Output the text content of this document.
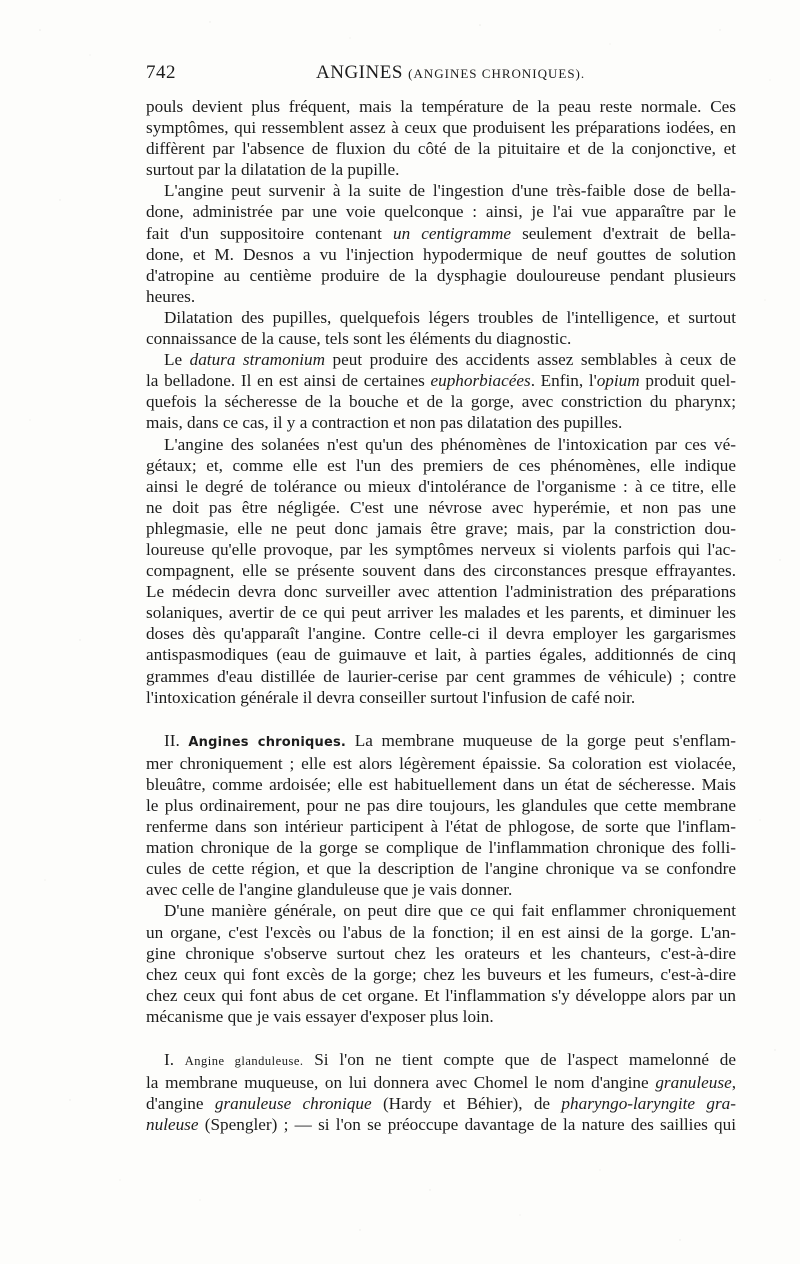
742	ANGINES (ANGINES CHRONIQUES).

pouls devient plus fréquent, mais la température de la peau reste normale. Ces
symptômes, qui ressemblent assez à ceux que produisent les préparations iodées, en
diffèrent par l'absence de fluxion du côté de la pituitaire et de la conjonctive, et

surtout par la dilatation de la pupille.

L'angine peut survenir à la suite de l'ingestion d'une très-faible dose de bella-
done, administrée par une voie quelconque : ainsi, je l'ai vue apparaître par le
fait d'un suppositoire contenant un centigramme seulement d'extrait de bella-
done, et M. Desnos a vu l'injection hypodermique de neuf gouttes de solution
d'atropine au centième produire de la dysphagie douloureuse pendant plusieurs

heures.

Dilatation des pupilles, quelquefois légers troubles de l'intelligence, et surtout

connaissance de la cause, tels sont les éléments du diagnostic.

Le datura stramonium peut produire des accidents assez semblables à ceux de
la belladone. Il en est ainsi de certaines euphorbiacées. Enfin, l'opium produit quel-
quefois la sécheresse de la bouche et de la gorge, avec constriction du pharynx;

mais, dans ce cas, il y a contraction et non pas dilatation des pupilles.

L'angine des solanées n'est qu'un des phénomènes de l'intoxication par ces vé-
gétaux; et, comme elle est l'un des premiers de ces phénomènes, elle indique
ainsi le degré de tolérance ou mieux d'intolérance de l'organisme : à ce titre, elle
ne doit pas être négligée. C'est une névrose avec hyperémie, et non pas une
phlegmasie, elle ne peut donc jamais être grave; mais, par la constriction dou-
loureuse qu'elle provoque, par les symptômes nerveux si violents parfois qui l'ac-
compagnent, elle se présente souvent dans des circonstances presque effrayantes.
Le médecin devra donc surveiller avec attention l'administration des préparations
solaniques, avertir de ce qui peut arriver les malades et les parents, et diminuer les
doses dès qu'apparaît l'angine. Contre celle-ci il devra employer les gargarismes
antispasmodiques (eau de guimauve et lait, à parties égales, additionnés de cinq
grammes d'eau distillée de laurier-cerise par cent grammes de véhicule) ; contre

l'intoxication générale il devra conseiller surtout l'infusion de café noir.

II. Angines chroniques. La membrane muqueuse de la gorge peut s'enflam-
mer chroniquement ; elle est alors légèrement épaissie. Sa coloration est violacée,
bleuâtre, comme ardoisée; elle est habituellement dans un état de sécheresse. Mais
le plus ordinairement, pour ne pas dire toujours, les glandules que cette membrane
renferme dans son intérieur participent à l'état de phlogose, de sorte que l'inflam-
mation chronique de la gorge se complique de l'inflammation chronique des folli-
cules de cette région, et que la description de l'angine chronique va se confondre

avec celle de l'angine glanduleuse que je vais donner.

D'une manière générale, on peut dire que ce qui fait enflammer chroniquement
un organe, c'est l'excès ou l'abus de la fonction; il en est ainsi de la gorge. L'an-
gine chronique s'observe surtout chez les orateurs et les chanteurs, c'est-à-dire
chez ceux qui font excès de la gorge; chez les buveurs et les fumeurs, c'est-à-dire
chez ceux qui font abus de cet organe. Et l'inflammation s'y développe alors par un

mécanisme que je vais essayer d'exposer plus loin.

I. Angine glanduleuse. Si l'on ne tient compte que de l'aspect mamelonné de
la membrane muqueuse, on lui donnera avec Chomel le nom d'angine granuleuse,
d'angine granuleuse chronique (Hardy et Béhier), de pharyngo-laryngite gra-
nuleuse (Spengler) ; — si l'on se préoccupe davantage de la nature des saillies qui
